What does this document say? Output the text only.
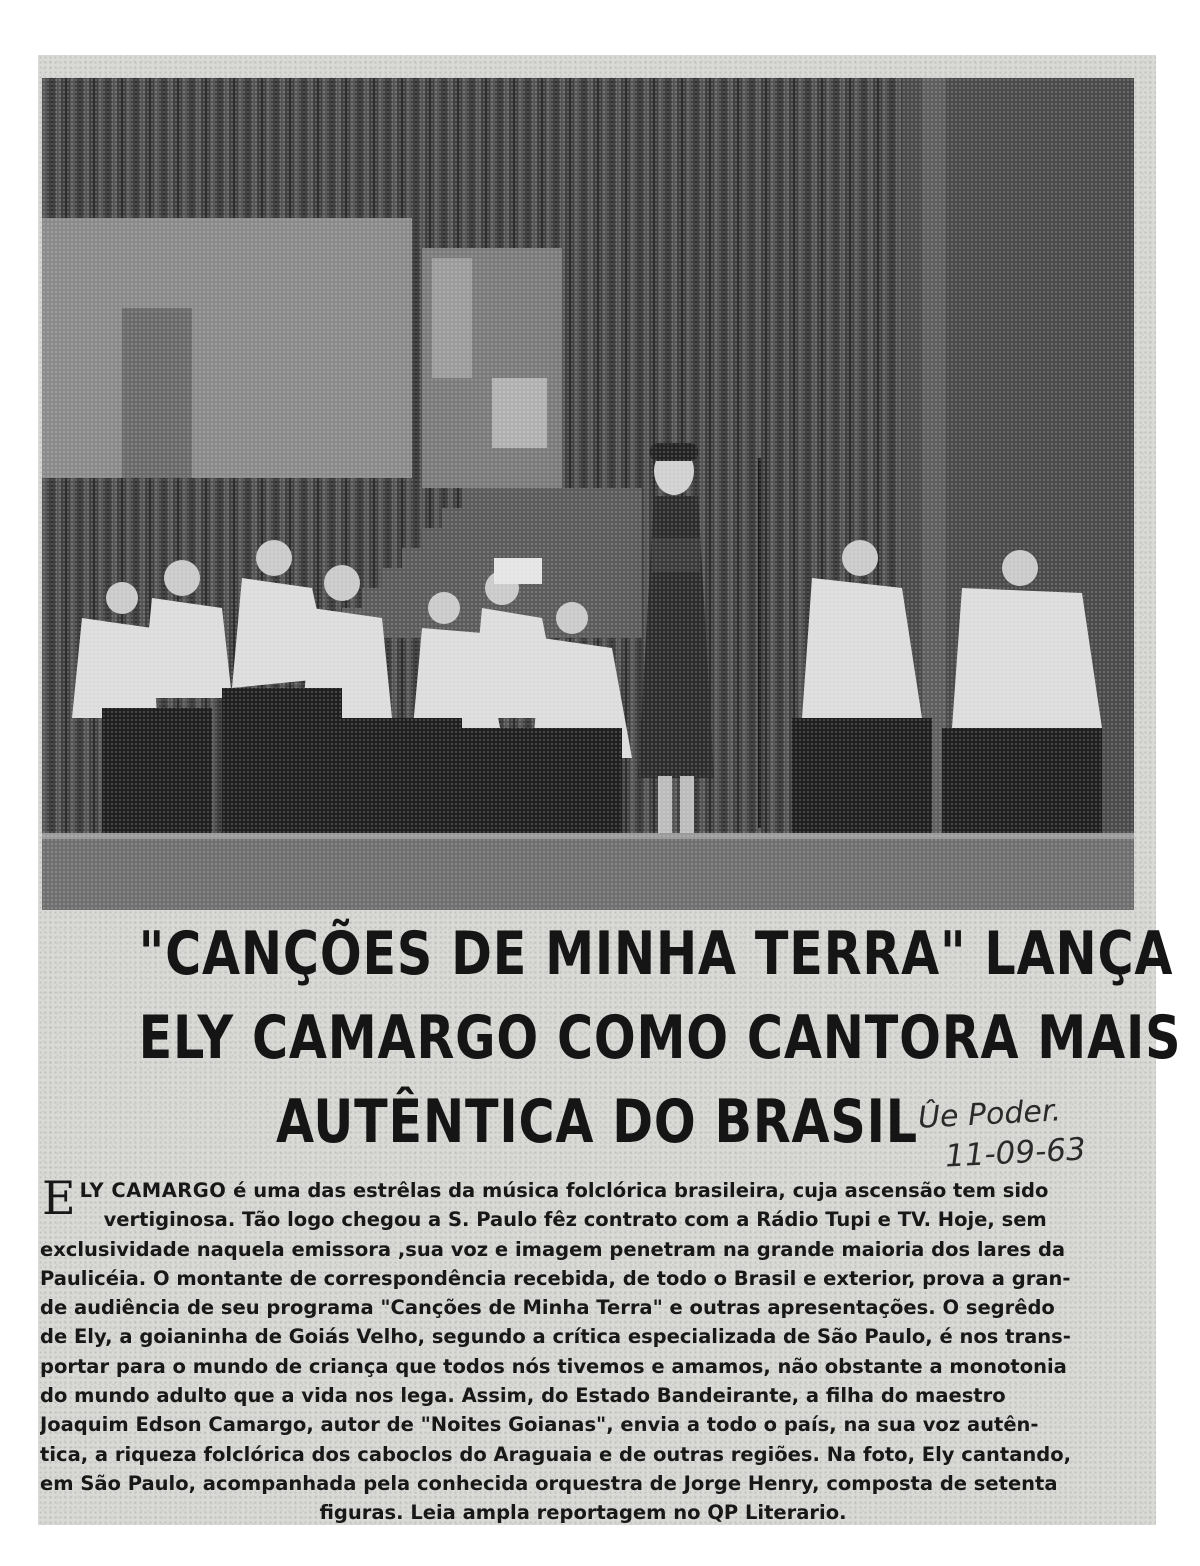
"CANÇÕES DE MINHA TERRA" LANÇA
ELY CAMARGO COMO CANTORA MAIS
AUTÊNTICA DO BRASIL Ûe Poder.
11-09-63
E LY CAMARGO é uma das estrêlas da música folclórica brasileira, cuja ascensão tem sido
vertiginosa. Tão logo chegou a S. Paulo fêz contrato com a Rádio Tupi e TV. Hoje, sem
exclusividade naquela emissora ,sua voz e imagem penetram na grande maioria dos lares da
Paulicéia. O montante de correspondência recebida, de todo o Brasil e exterior, prova a gran-
de audiência de seu programa "Canções de Minha Terra" e outras apresentações. O segrêdo
de Ely, a goianinha de Goiás Velho, segundo a crítica especializada de São Paulo, é nos trans-
portar para o mundo de criança que todos nós tivemos e amamos, não obstante a monotonia
do mundo adulto que a vida nos lega. Assim, do Estado Bandeirante, a filha do maestro
Joaquim Edson Camargo, autor de "Noites Goianas", envia a todo o país, na sua voz autên-
tica, a riqueza folclórica dos caboclos do Araguaia e de outras regiões. Na foto, Ely cantando,
em São Paulo, acompanhada pela conhecida orquestra de Jorge Henry, composta de setenta
figuras. Leia ampla reportagem no QP Literario.
